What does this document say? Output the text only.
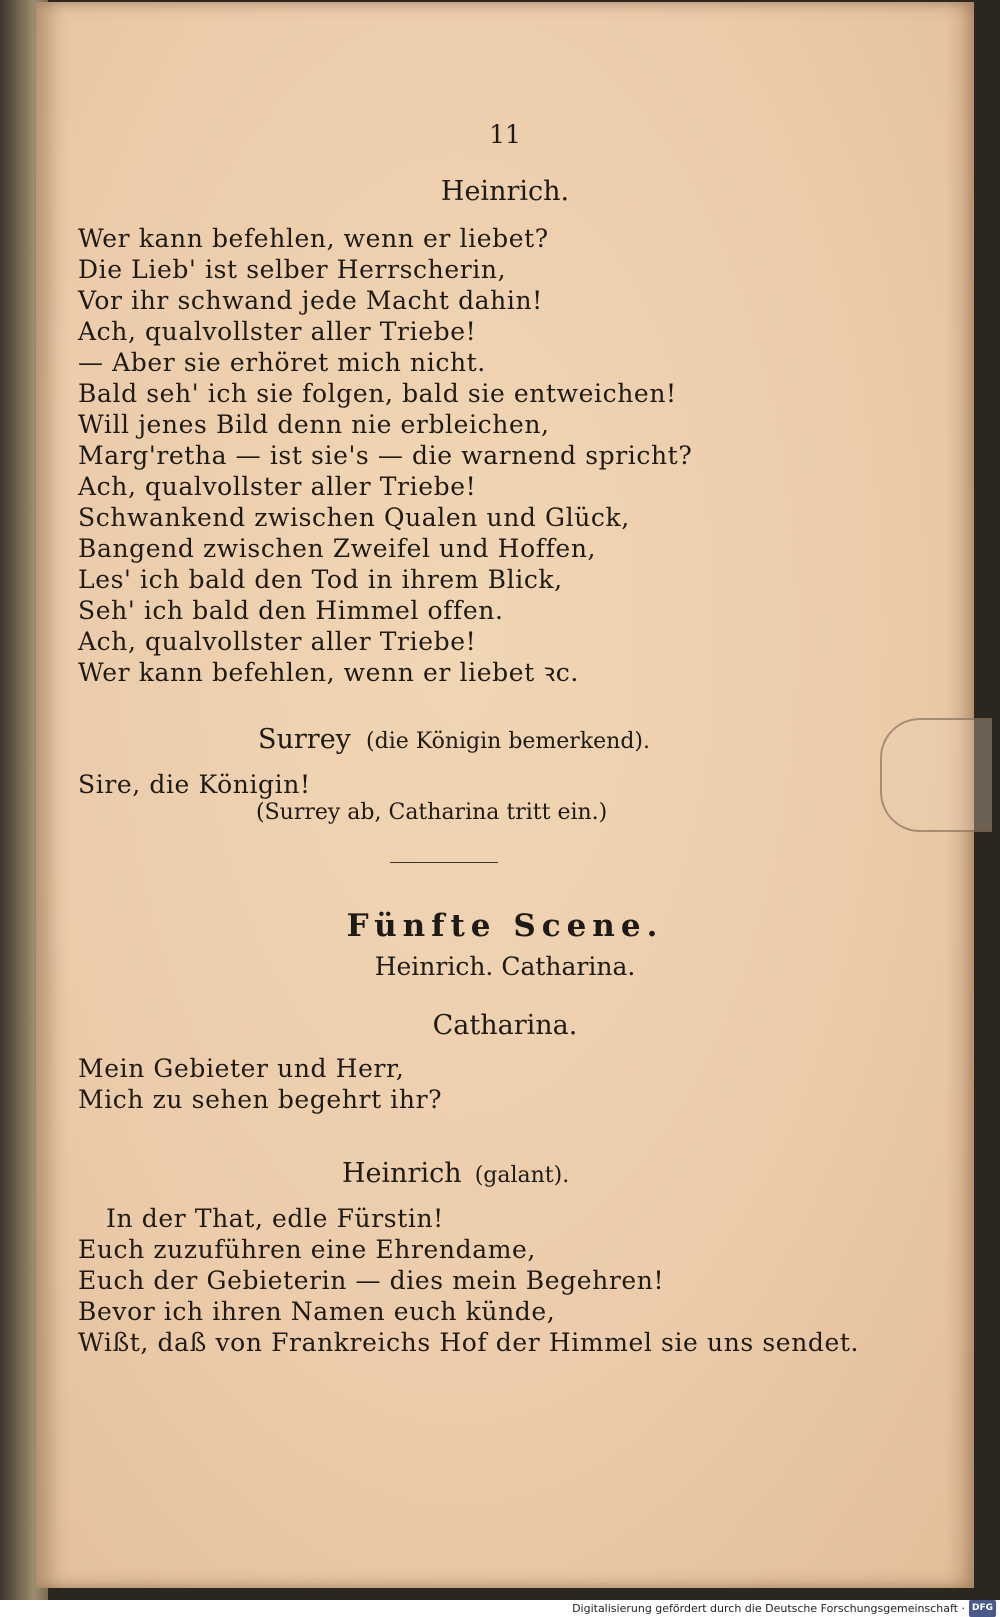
11
Heinrich.
Wer kann befehlen, wenn er liebet?
Die Lieb' ist selber Herrscherin,
Vor ihr schwand jede Macht dahin!
Ach, qualvollster aller Triebe!
— Aber sie erhöret mich nicht.
Bald seh' ich sie folgen, bald sie entweichen!
Will jenes Bild denn nie erbleichen,
Marg'retha — ist sie's — die warnend spricht?
Ach, qualvollster aller Triebe!
Schwankend zwischen Qualen und Glück,
Bangend zwischen Zweifel und Hoffen,
Les' ich bald den Tod in ihrem Blick,
Seh' ich bald den Himmel offen.
Ach, qualvollster aller Triebe!
Wer kann befehlen, wenn er liebet ꝛc.
Surrey (die Königin bemerkend).
Sire, die Königin!
(Surrey ab, Catharina tritt ein.)
Fünfte Scene.
Heinrich. Catharina.
Catharina.
Mein Gebieter und Herr,
Mich zu sehen begehrt ihr?
Heinrich (galant).
In der That, edle Fürstin!
Euch zuzuführen eine Ehrendame,
Euch der Gebieterin — dies mein Begehren!
Bevor ich ihren Namen euch künde,
Wißt, daß von Frankreichs Hof der Himmel sie uns sendet.
Digitalisierung gefördert durch die Deutsche Forschungsgemeinschaft · DFG
